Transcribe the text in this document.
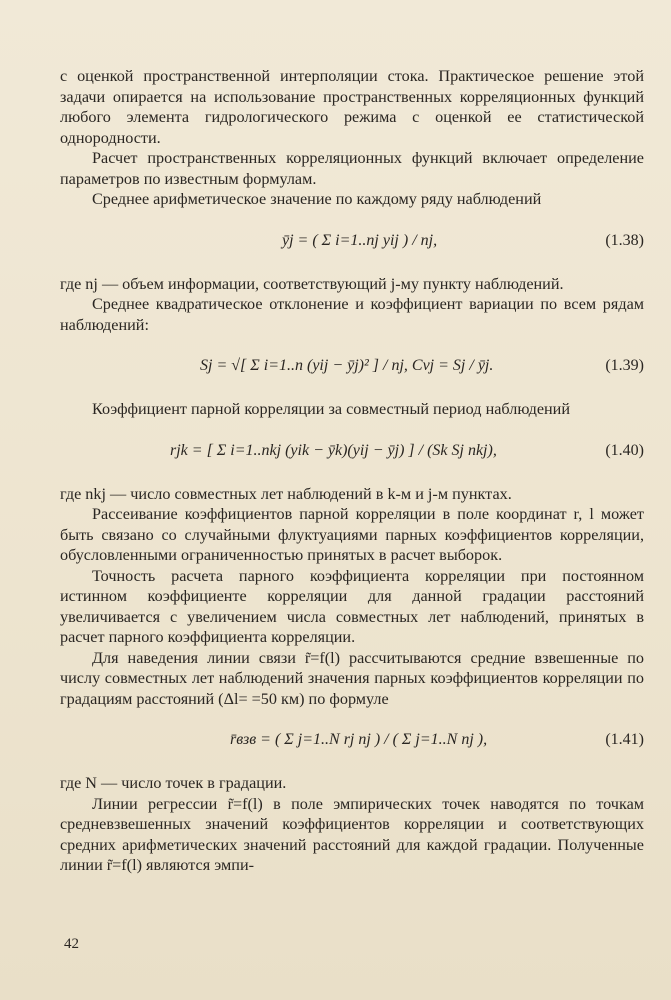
с оценкой пространственной интерполяции стока. Практическое решение этой задачи опирается на использование пространственных корреляционных функций любого элемента гидрологического режима с оценкой ее статистической однородности.

Расчет пространственных корреляционных функций включает определение параметров по известным формулам.

Среднее арифметическое значение по каждому ряду наблюдений

ȳj = ( Σ i=1..nj yij ) / nj,	(1.38)

где nj — объем информации, соответствующий j-му пункту наблюдений.

Среднее квадратическое отклонение и коэффициент вариации по всем рядам наблюдений:

Sj = √[ Σ i=1..n (yij − ȳj)² ] / nj, Cvj = Sj / ȳj.	(1.39)

Коэффициент парной корреляции за совместный период наблюдений

rjk = [ Σ i=1..nkj (yik − ȳk)(yij − ȳj) ] / (Sk Sj nkj),	(1.40)

где nkj — число совместных лет наблюдений в k-м и j-м пунктах.

Рассеивание коэффициентов парной корреляции в поле координат r, l может быть связано со случайными флуктуациями парных коэффициентов корреляции, обусловленными ограниченностью принятых в расчет выборок.

Точность расчета парного коэффициента корреляции при постоянном истинном коэффициенте корреляции для данной градации расстояний увеличивается с увеличением числа совместных лет наблюдений, принятых в расчет парного коэффициента корреляции.

Для наведения линии связи r̃=f(l) рассчитываются средние взвешенные по числу совместных лет наблюдений значения парных коэффициентов корреляции по градациям расстояний (Δl= =50 км) по формуле

r̄взв = ( Σ j=1..N rj nj ) / ( Σ j=1..N nj ),	(1.41)

где N — число точек в градации.

Линии регрессии r̃=f(l) в поле эмпирических точек наводятся по точкам средневзвешенных значений коэффициентов корреляции и соответствующих средних арифметических значений расстояний для каждой градации. Полученные линии r̃=f(l) являются эмпи-

42
